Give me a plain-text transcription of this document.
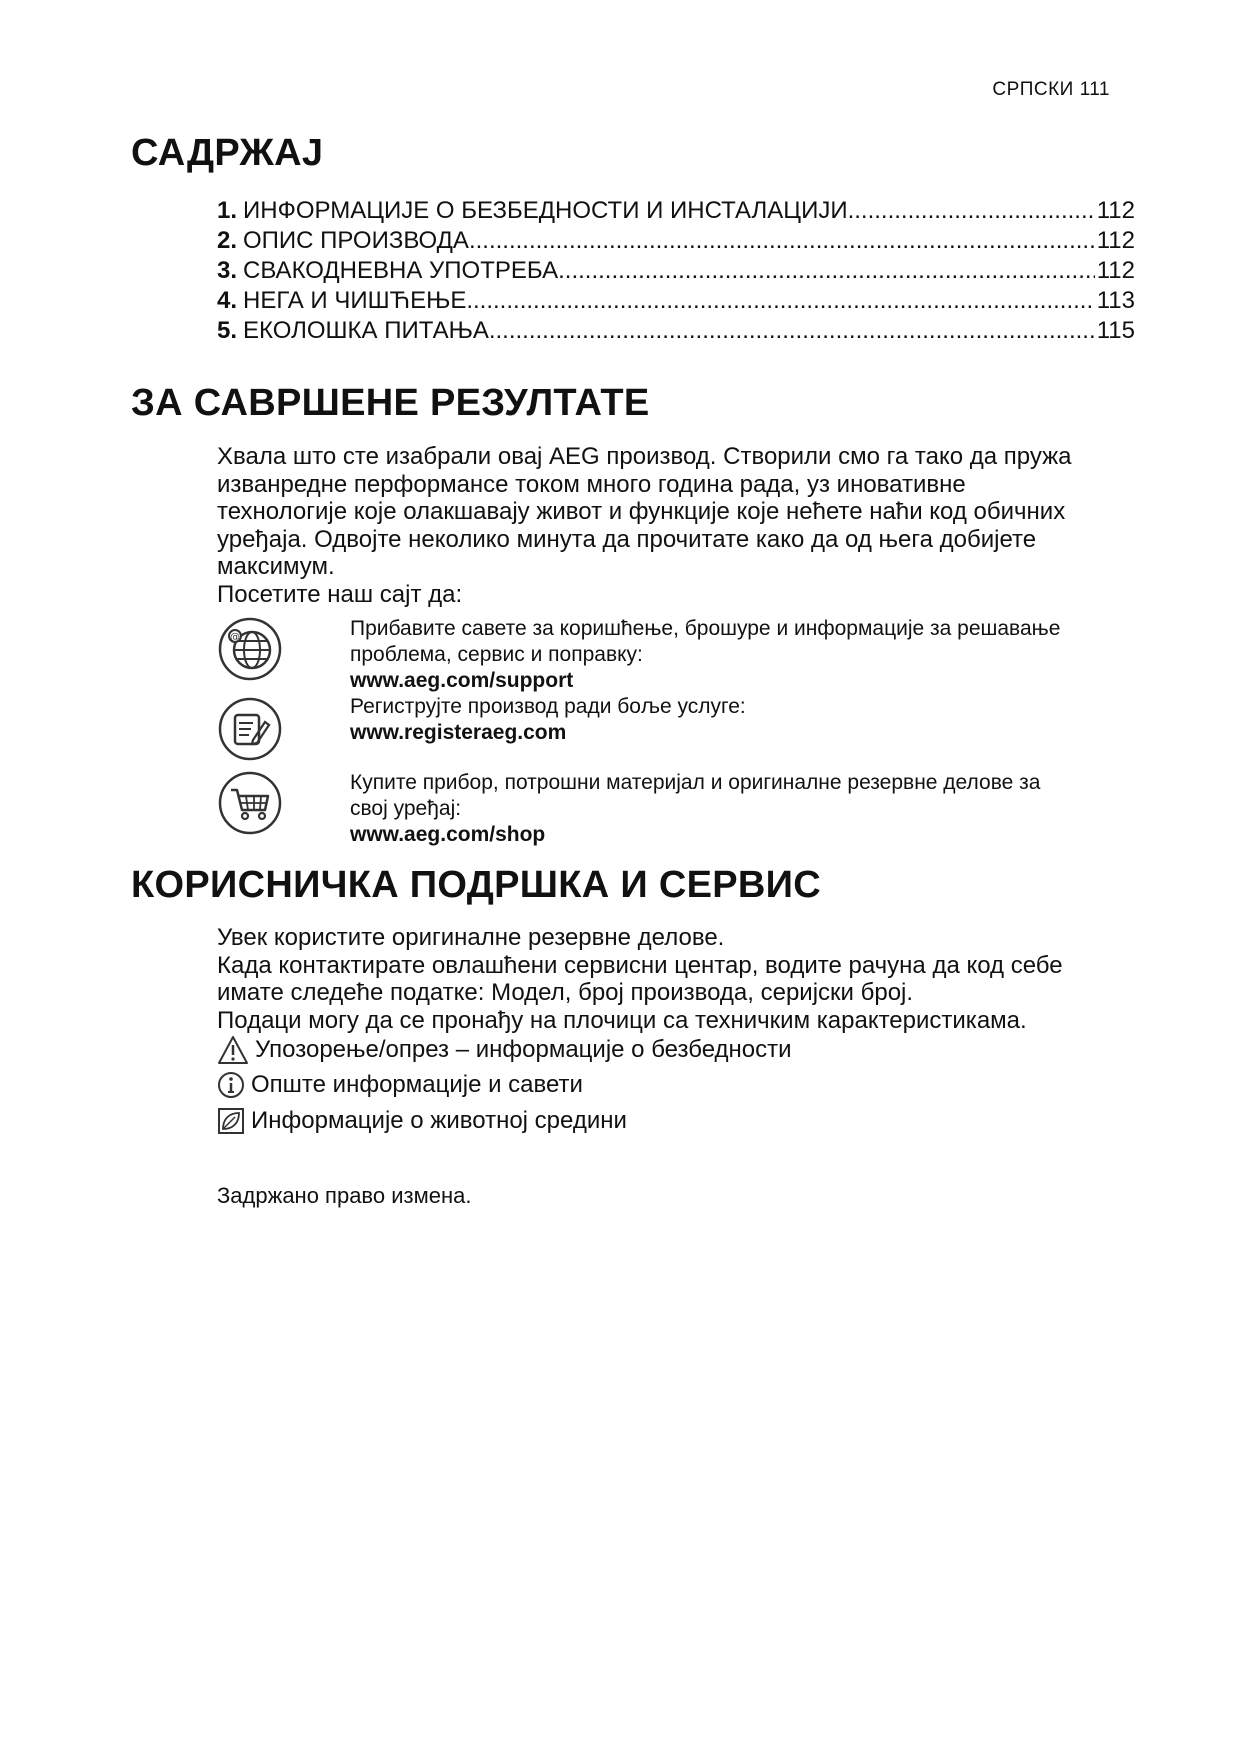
СРПСКИ 111
САДРЖАЈ
1. ИНФОРМАЦИЈЕ О БЕЗБЕДНОСТИ И ИНСТАЛАЦИЈИ .....	112
2. ОПИС ПРОИЗВОДА .....	112
3. СВАКОДНЕВНА УПОТРЕБА .....	112
4. НЕГА И ЧИШЋЕЊЕ .....	113
5. ЕКОЛОШКА ПИТАЊА .....	115
ЗА САВРШЕНЕ РЕЗУЛТАТЕ
Хвала што сте изабрали овај AEG производ. Створили смо га тако да пружа
изванредне перформансе током много година рада, уз иновативне
технологије које олакшавају живот и функције које нећете наћи код обичних
уређаја. Одвојте неколико минута да прочитате како да од њега добијете
максимум.
Посетите наш сајт да:
@	Прибавите савете за коришћење, брошуре и информације за решавање
проблема, сервис и поправку:
www.aeg.com/support
Региструјте производ ради боље услуге:
www.registeraeg.com
Купите прибор, потрошни материјал и оригиналне резервне делове за
свој уређај:
www.aeg.com/shop
КОРИСНИЧКА ПОДРШКА И СЕРВИС
Увек користите оригиналне резервне делове.
Када контактирате овлашћени сервисни центар, водите рачуна да код себе
имате следеће податке: Модел, број производа, серијски број.
Подаци могу да се пронађу на плочици са техничким карактеристикама.
Упозорење/опрез – информације о безбедности
Опште информације и савети
Информације о животној средини
Задржано право измена.
